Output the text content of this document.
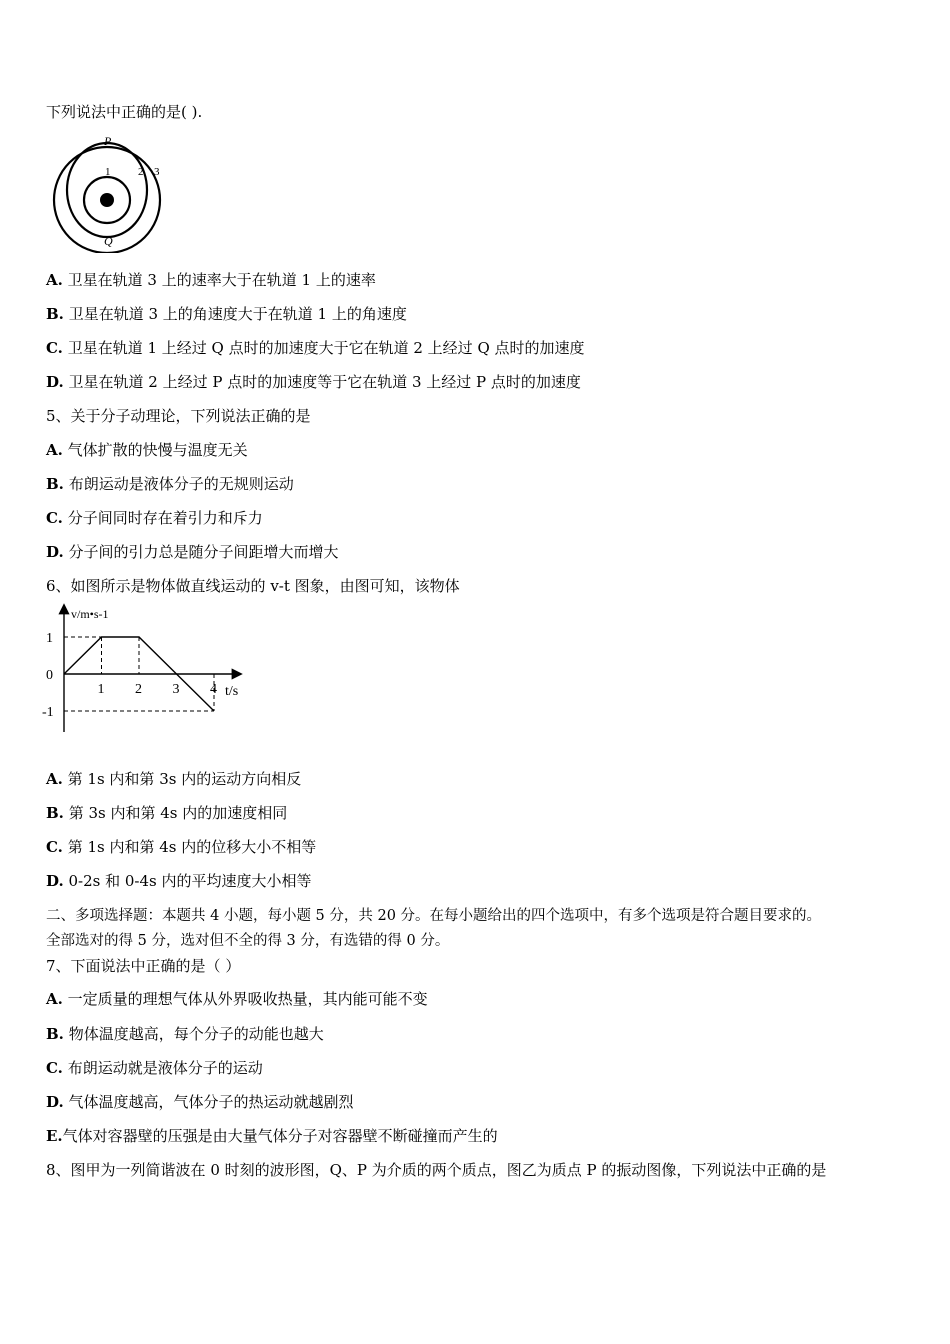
下列说法中正确的是( ).
P
Q
1	2 3
A. 卫星在轨道 3 上的速率大于在轨道 1 上的速率
B. 卫星在轨道 3 上的角速度大于在轨道 1 上的角速度
C. 卫星在轨道 1 上经过 Q 点时的加速度大于它在轨道 2 上经过 Q 点时的加速度
D. 卫星在轨道 2 上经过 P 点时的加速度等于它在轨道 3 上经过 P 点时的加速度
5、关于分子动理论，下列说法正确的是
A. 气体扩散的快慢与温度无关
B. 布朗运动是液体分子的无规则运动
C. 分子间同时存在着引力和斥力
D. 分子间的引力总是随分子间距增大而增大
6、如图所示是物体做直线运动的 v-t 图象，由图可知，该物体
v/m•s-1
t/s
1 2 3 4
1
0
-1
A. 第 1s 内和第 3s 内的运动方向相反
B. 第 3s 内和第 4s 内的加速度相同
C. 第 1s 内和第 4s 内的位移大小不相等
D. 0-2s 和 0-4s 内的平均速度大小相等
二、多项选择题：本题共 4 小题，每小题 5 分，共 20 分。在每小题给出的四个选项中，有多个选项是符合题目要求的。
全部选对的得 5 分，选对但不全的得 3 分，有选错的得 0 分。
7、下面说法中正确的是（ ）
A. 一定质量的理想气体从外界吸收热量，其内能可能不变
B. 物体温度越高，每个分子的动能也越大
C. 布朗运动就是液体分子的运动
D. 气体温度越高，气体分子的热运动就越剧烈
E.气体对容器壁的压强是由大量气体分子对容器壁不断碰撞而产生的
8、图甲为一列简谐波在 0 时刻的波形图，Q、P 为介质的两个质点，图乙为质点 P 的振动图像，下列说法中正确的是
